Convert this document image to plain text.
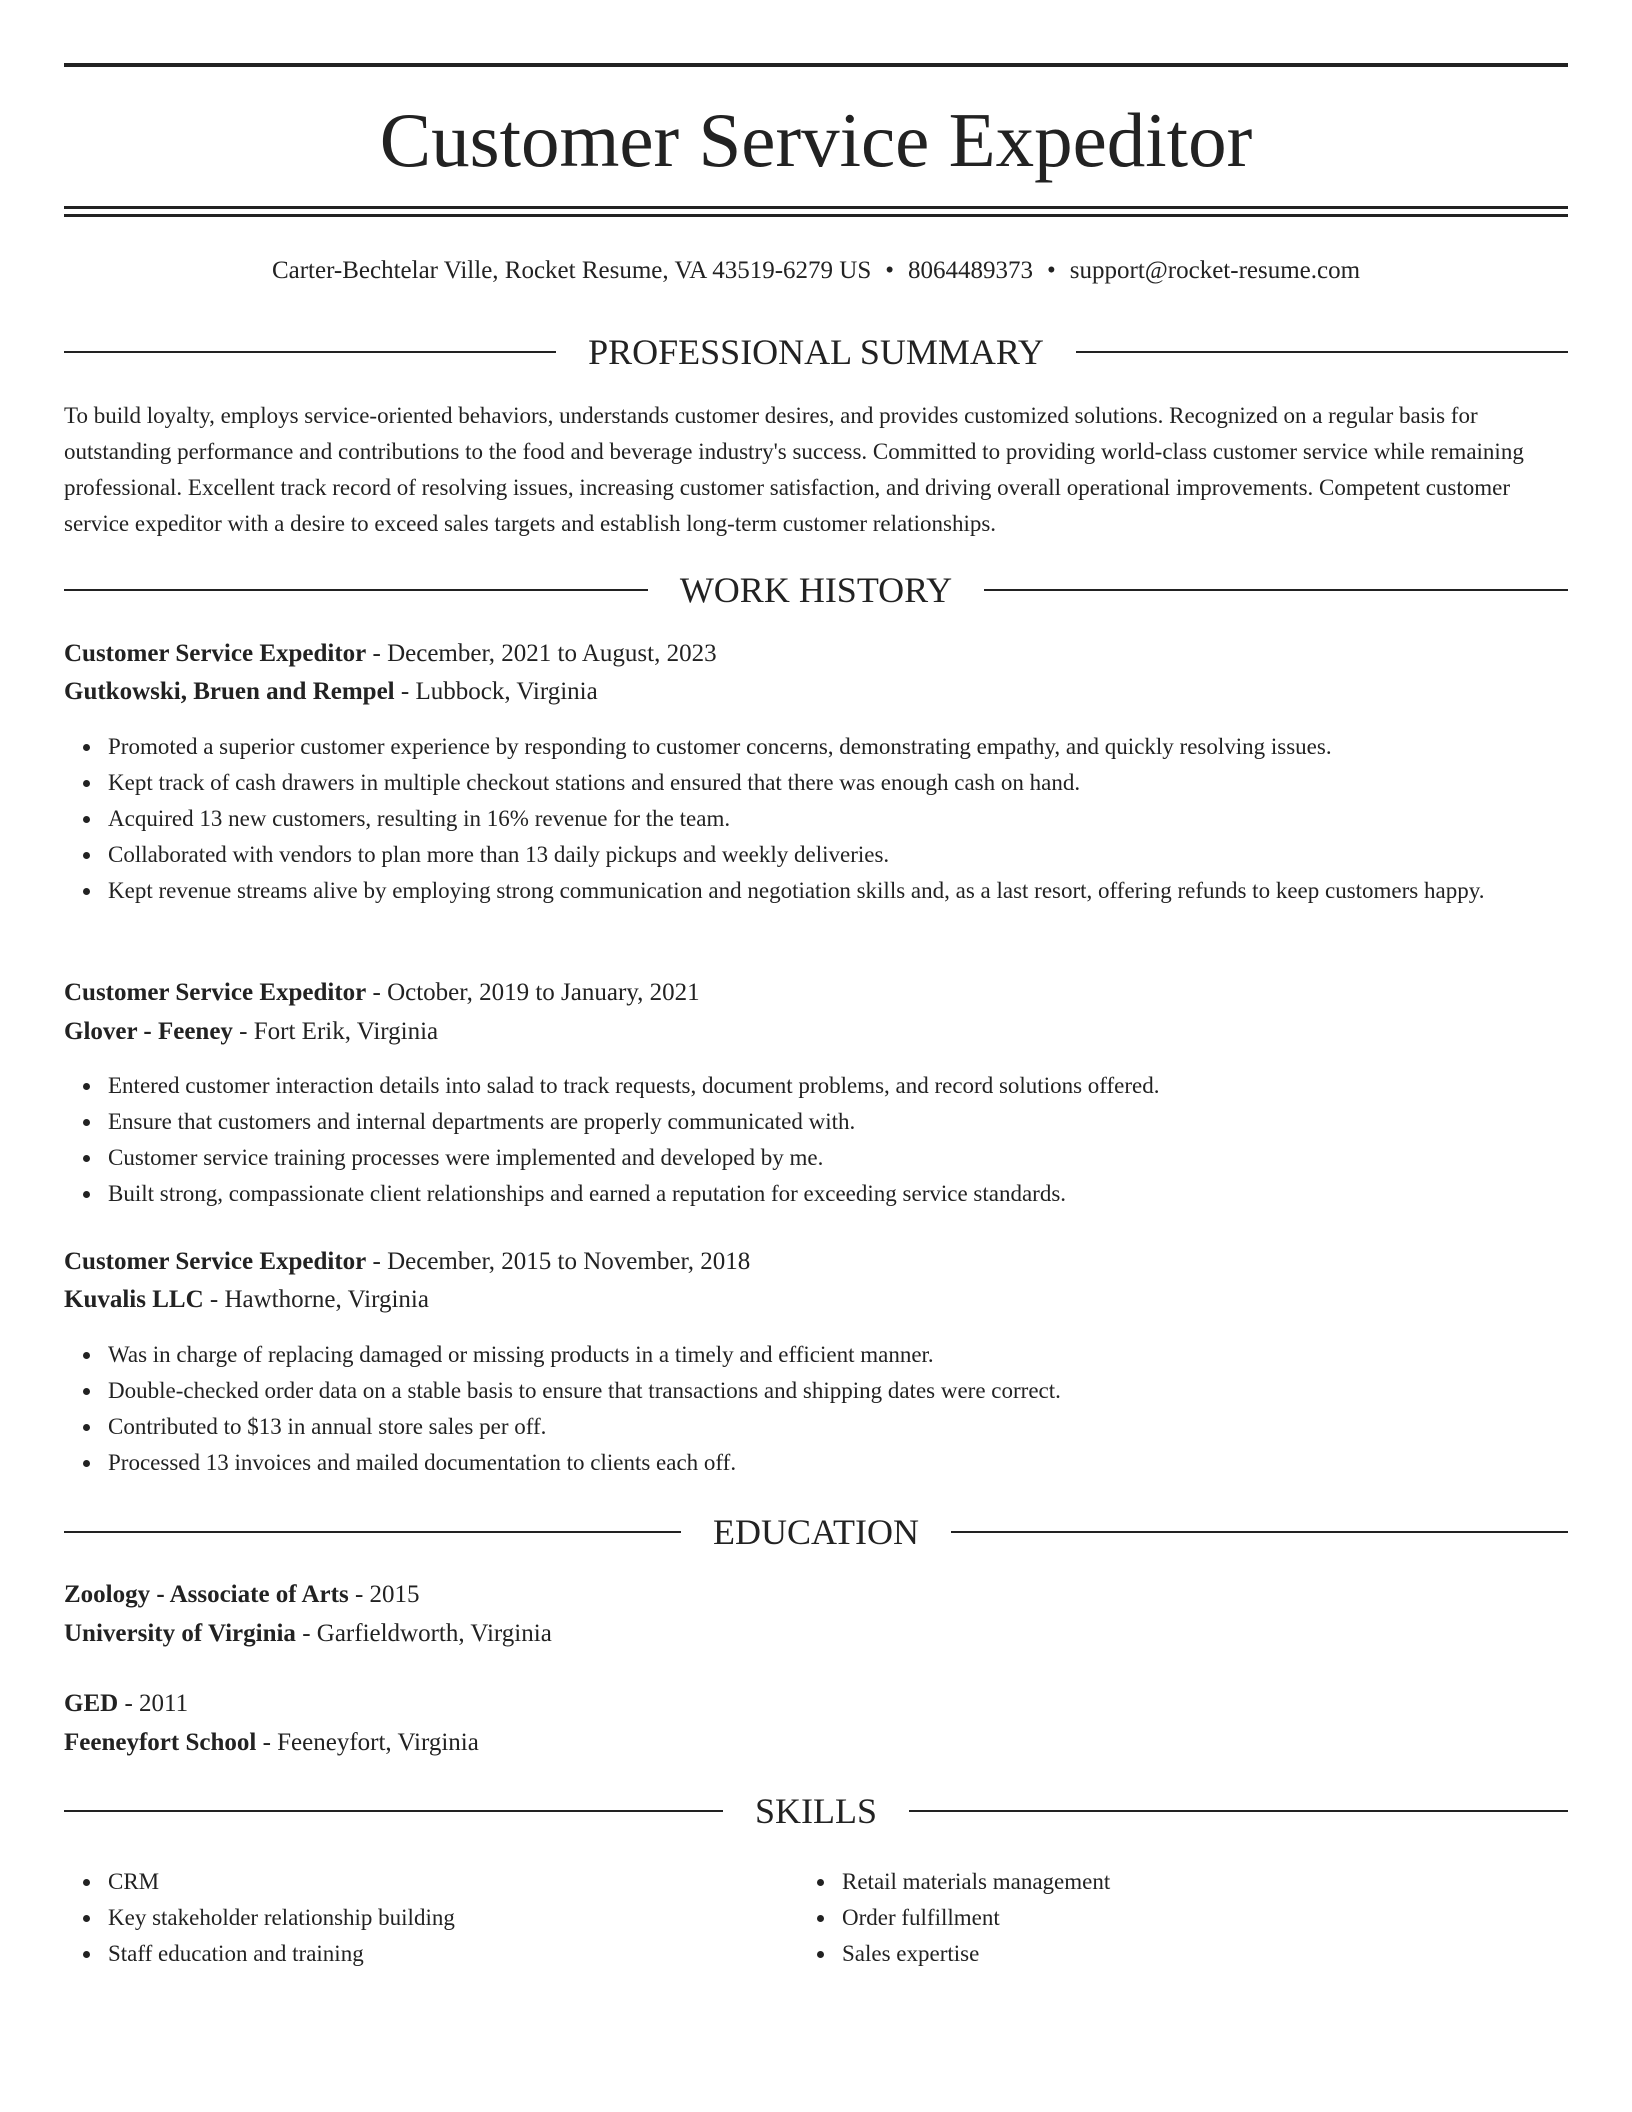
Customer Service Expeditor
Carter-Bechtelar Ville, Rocket Resume, VA 43519-6279 US • 8064489373 • support@rocket-resume.com
PROFESSIONAL SUMMARY

To build loyalty, employs service-oriented behaviors, understands customer desires, and provides customized solutions. Recognized on a regular basis for outstanding performance and contributions to the food and beverage industry's success. Committed to providing world-class customer service while remaining professional. Excellent track record of resolving issues, increasing customer satisfaction, and driving overall operational improvements. Competent customer service expeditor with a desire to exceed sales targets and establish long-term customer relationships.

WORK HISTORY
Customer Service Expeditor - December, 2021 to August, 2023
Gutkowski, Bruen and Rempel - Lubbock, Virginia
Promoted a superior customer experience by responding to customer concerns, demonstrating empathy, and quickly resolving issues.
Kept track of cash drawers in multiple checkout stations and ensured that there was enough cash on hand.
Acquired 13 new customers, resulting in 16% revenue for the team.
Collaborated with vendors to plan more than 13 daily pickups and weekly deliveries.
Kept revenue streams alive by employing strong communication and negotiation skills and, as a last resort, offering refunds to keep customers happy.
Customer Service Expeditor - October, 2019 to January, 2021
Glover - Feeney - Fort Erik, Virginia
Entered customer interaction details into salad to track requests, document problems, and record solutions offered.
Ensure that customers and internal departments are properly communicated with.
Customer service training processes were implemented and developed by me.
Built strong, compassionate client relationships and earned a reputation for exceeding service standards.
Customer Service Expeditor - December, 2015 to November, 2018
Kuvalis LLC - Hawthorne, Virginia
Was in charge of replacing damaged or missing products in a timely and efficient manner.
Double-checked order data on a stable basis to ensure that transactions and shipping dates were correct.
Contributed to $13 in annual store sales per off.
Processed 13 invoices and mailed documentation to clients each off.
EDUCATION
Zoology - Associate of Arts - 2015
University of Virginia - Garfieldworth, Virginia
GED - 2011
Feeneyfort School - Feeneyfort, Virginia
SKILLS
CRM
Key stakeholder relationship building
Staff education and training
Retail materials management
Order fulfillment
Sales expertise
